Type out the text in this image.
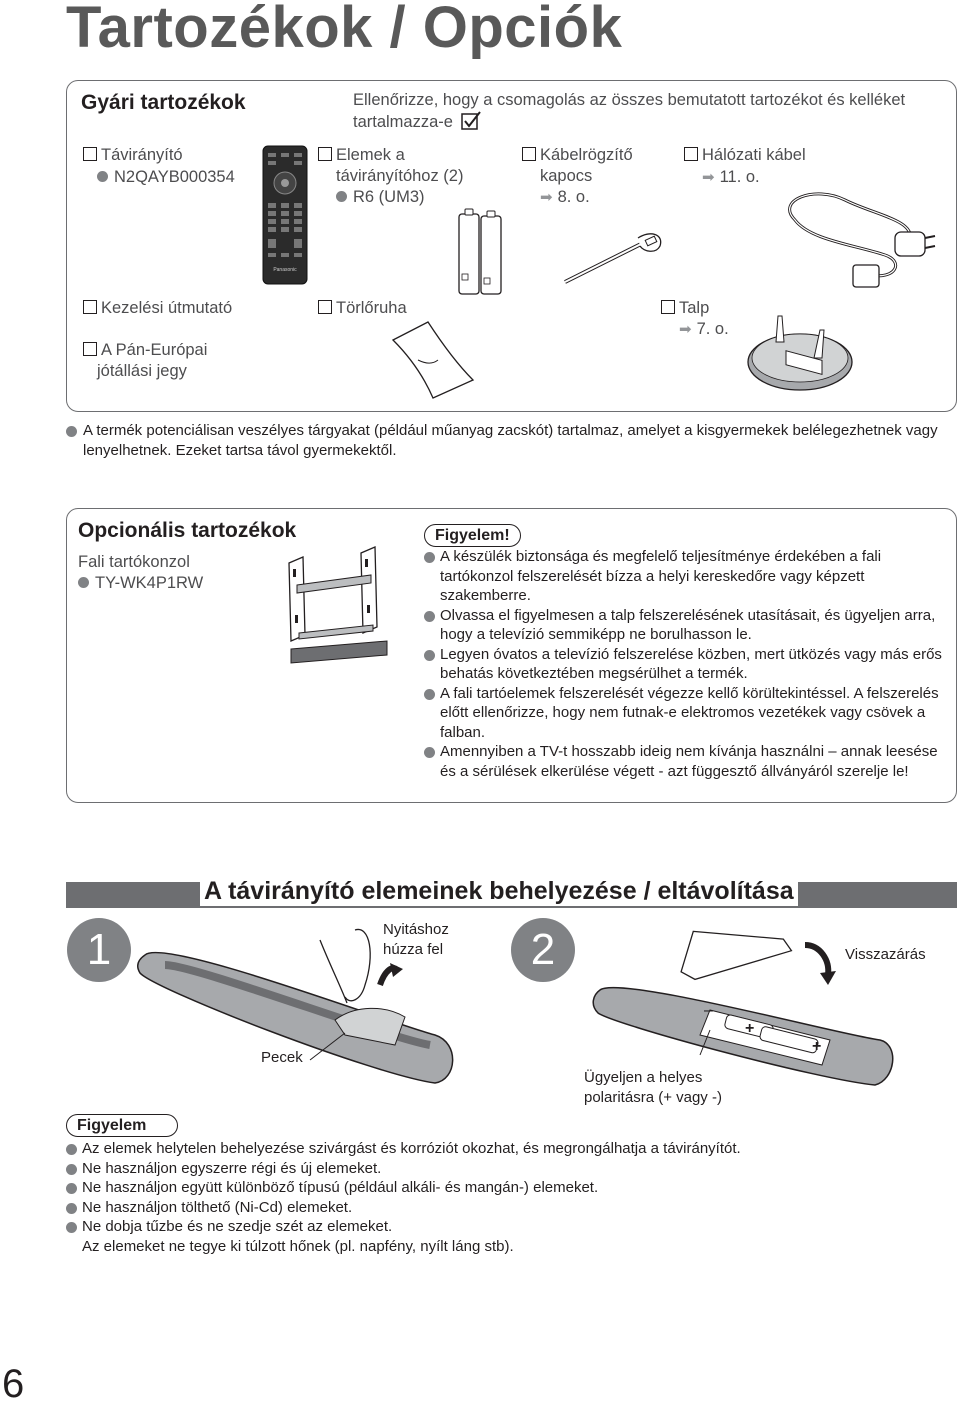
Tartozékok / Opciók
Gyári tartozékok	Ellenőrizze, hogy a csomagolás az összes bemutatott tartozékot és kelléket tartalmazza-e
Távirányító
N2QAYB000354
Panasonic
Elemek a
távirányítóhoz (2)
R6 (UM3)
Kábelrögzítő
kapocs
➡ 8. o.
Hálózati kábel
➡ 11. o.
Kezelési útmutató
A Pán-Európai
jótállási jegy
Törlőruha	Talp
➡ 7. o.
A termék potenciálisan veszélyes tárgyakat (például műanyag zacskót) tartalmaz, amelyet a kisgyermekek belélegezhetnek vagy lenyelhetnek. Ezeket tartsa távol gyermekektől.
Opcionális tartozékok
Fali tartókonzol
TY-WK4P1RW
Figyelem!
A készülék biztonsága és megfelelő teljesítménye érdekében a fali tartókonzol felszerelését bízza a helyi kereskedőre vagy képzett szakemberre.
Olvassa el figyelmesen a talp felszerelésének utasításait, és ügyeljen arra, hogy a televízió semmiképp ne borulhasson le.
Legyen óvatos a televízió felszerelése közben, mert ütközés vagy más erős behatás következtében megsérülhet a termék.
A fali tartóelemek felszerelését végezze kellő körültekintéssel. A felszerelés előtt ellenőrizze, hogy nem futnak-e elektromos vezetékek vagy csövek a falban.
Amennyiben a TV-t hosszabb ideig nem kívánja használni – annak leesése és a sérülések elkerülése végett - azt függesztő állványáról szerelje le!
A távirányító elemeinek behelyezése / eltávolítása
1	2
Nyitáshoz
húzza fel
Pecek
–
+
+
Visszazárás
Ügyeljen a helyes
polaritásra (+ vagy -)
Figyelem
Az elemek helytelen behelyezése szivárgást és korróziót okozhat, és megrongálhatja a távirányítót.
Ne használjon egyszerre régi és új elemeket.
Ne használjon együtt különböző típusú (például alkáli- és mangán-) elemeket.
Ne használjon tölthető (Ni-Cd) elemeket.
Ne dobja tűzbe és ne szedje szét az elemeket.
Az elemeket ne tegye ki túlzott hőnek (pl. napfény, nyílt láng stb).
6
